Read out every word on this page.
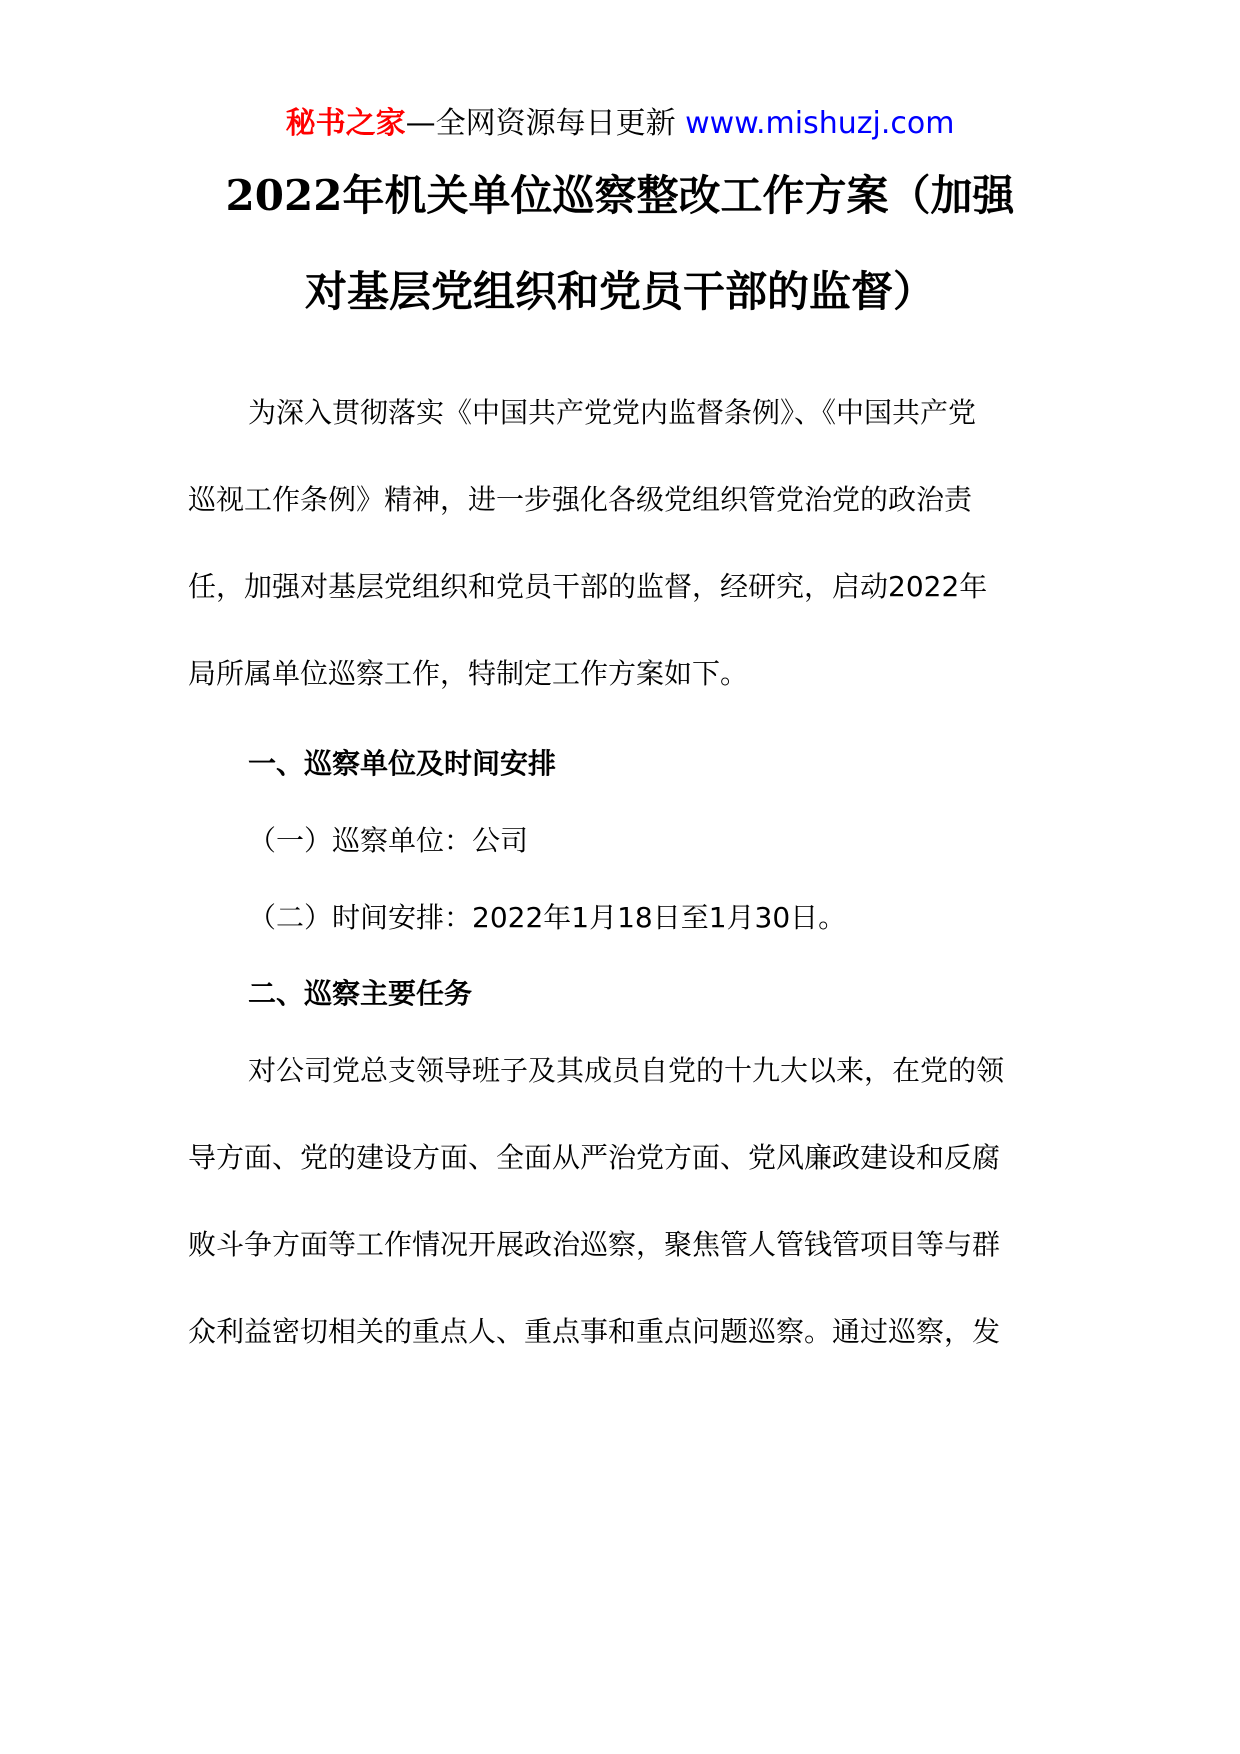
秘书之家—全网资源每日更新 www.mishuzj.com
2022年机关单位巡察整改工作方案（加强
对基层党组织和党员干部的监督）
为深入贯彻落实《中国共产党党内监督条例》、《中国共产党
巡视工作条例》精神，进一步强化各级党组织管党治党的政治责
任，加强对基层党组织和党员干部的监督，经研究，启动2022年
局所属单位巡察工作，特制定工作方案如下。
一、巡察单位及时间安排
（一）巡察单位：公司
（二）时间安排：2022年1月18日至1月30日。
二、巡察主要任务
对公司党总支领导班子及其成员自党的十九大以来，在党的领
导方面、党的建设方面、全面从严治党方面、党风廉政建设和反腐
败斗争方面等工作情况开展政治巡察，聚焦管人管钱管项目等与群
众利益密切相关的重点人、重点事和重点问题巡察。通过巡察，发
